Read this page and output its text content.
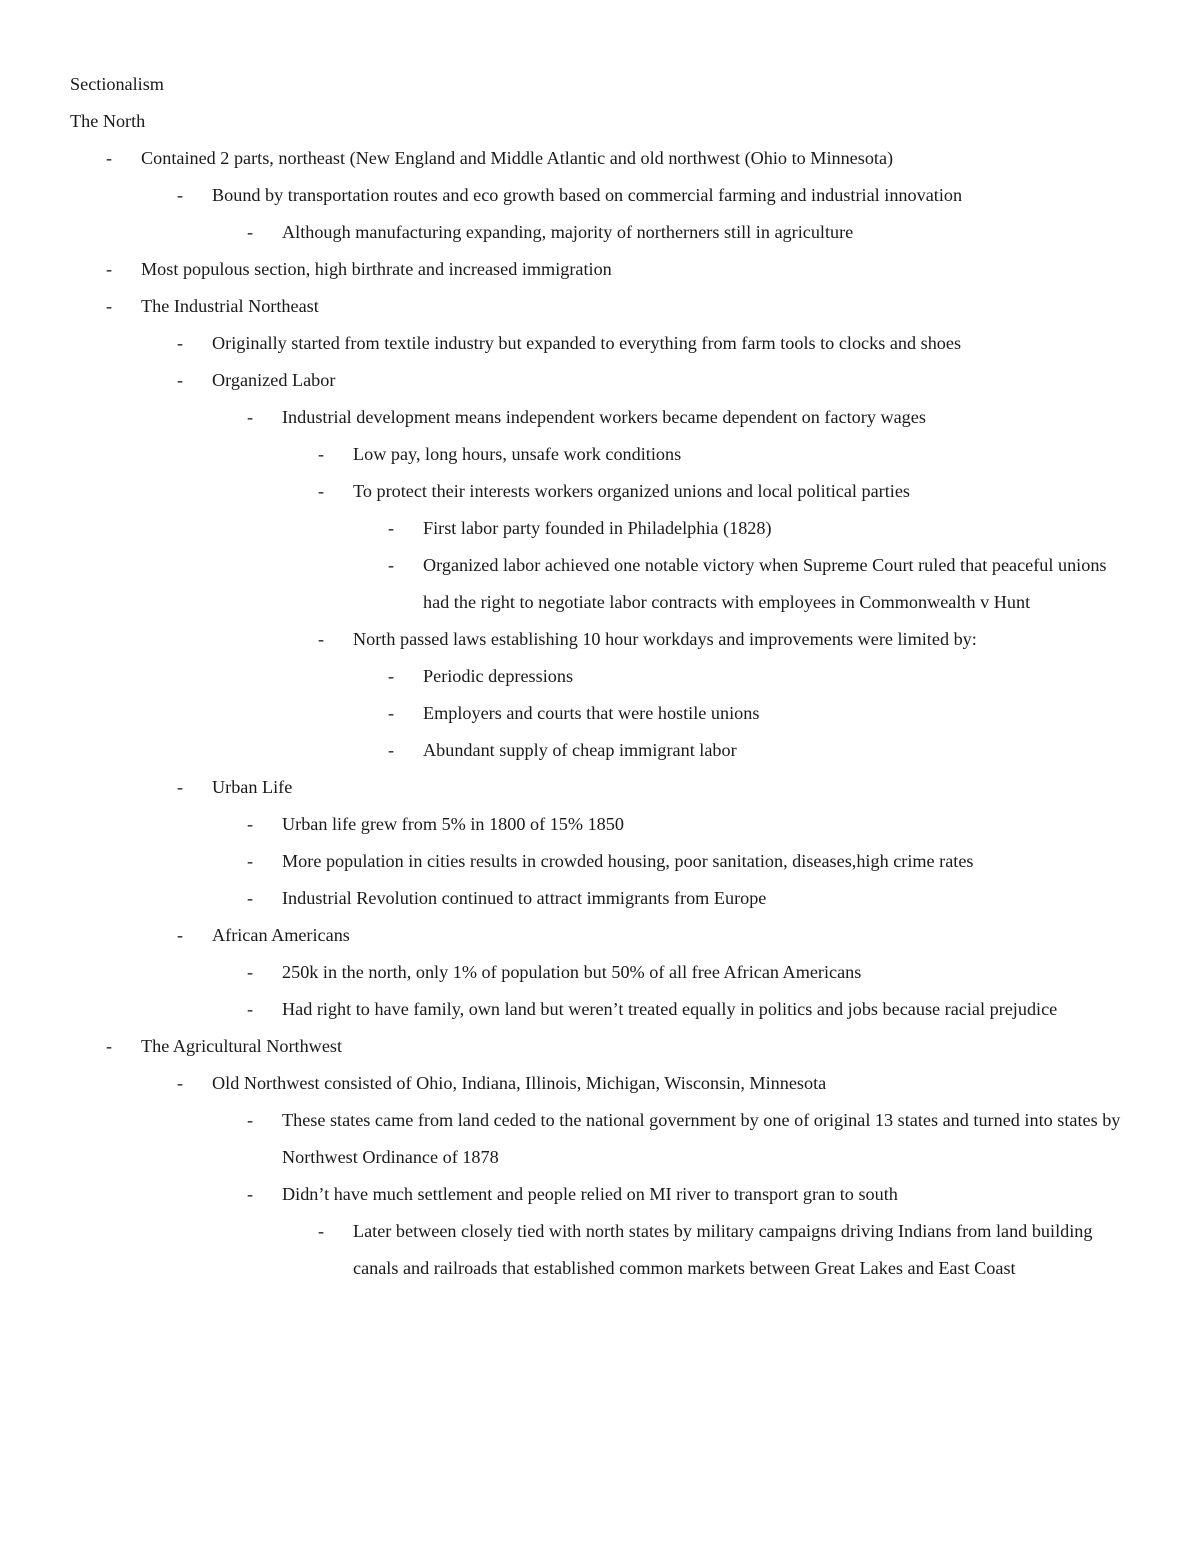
Sectionalism
The North
- Contained 2 parts, northeast (New England and Middle Atlantic and old northwest (Ohio to Minnesota)
- Bound by transportation routes and eco growth based on commercial farming and industrial innovation
- Although manufacturing expanding, majority of northerners still in agriculture
- Most populous section, high birthrate and increased immigration
- The Industrial Northeast
- Originally started from textile industry but expanded to everything from farm tools to clocks and shoes
- Organized Labor
- Industrial development means independent workers became dependent on factory wages
- Low pay, long hours, unsafe work conditions
- To protect their interests workers organized unions and local political parties
- First labor party founded in Philadelphia (1828)
- Organized labor achieved one notable victory when Supreme Court ruled that peaceful unions had the right to negotiate labor contracts with employees in Commonwealth v Hunt
- North passed laws establishing 10 hour workdays and improvements were limited by:
- Periodic depressions
- Employers and courts that were hostile unions
- Abundant supply of cheap immigrant labor
- Urban Life
- Urban life grew from 5% in 1800 of 15% 1850
- More population in cities results in crowded housing, poor sanitation, diseases,high crime rates
- Industrial Revolution continued to attract immigrants from Europe
- African Americans
- 250k in the north, only 1% of population but 50% of all free African Americans
- Had right to have family, own land but weren’t treated equally in politics and jobs because racial prejudice
- The Agricultural Northwest
- Old Northwest consisted of Ohio, Indiana, Illinois, Michigan, Wisconsin, Minnesota
- These states came from land ceded to the national government by one of original 13 states and turned into states by Northwest Ordinance of 1878
- Didn’t have much settlement and people relied on MI river to transport gran to south
- Later between closely tied with north states by military campaigns driving Indians from land building canals and railroads that established common markets between Great Lakes and East Coast
